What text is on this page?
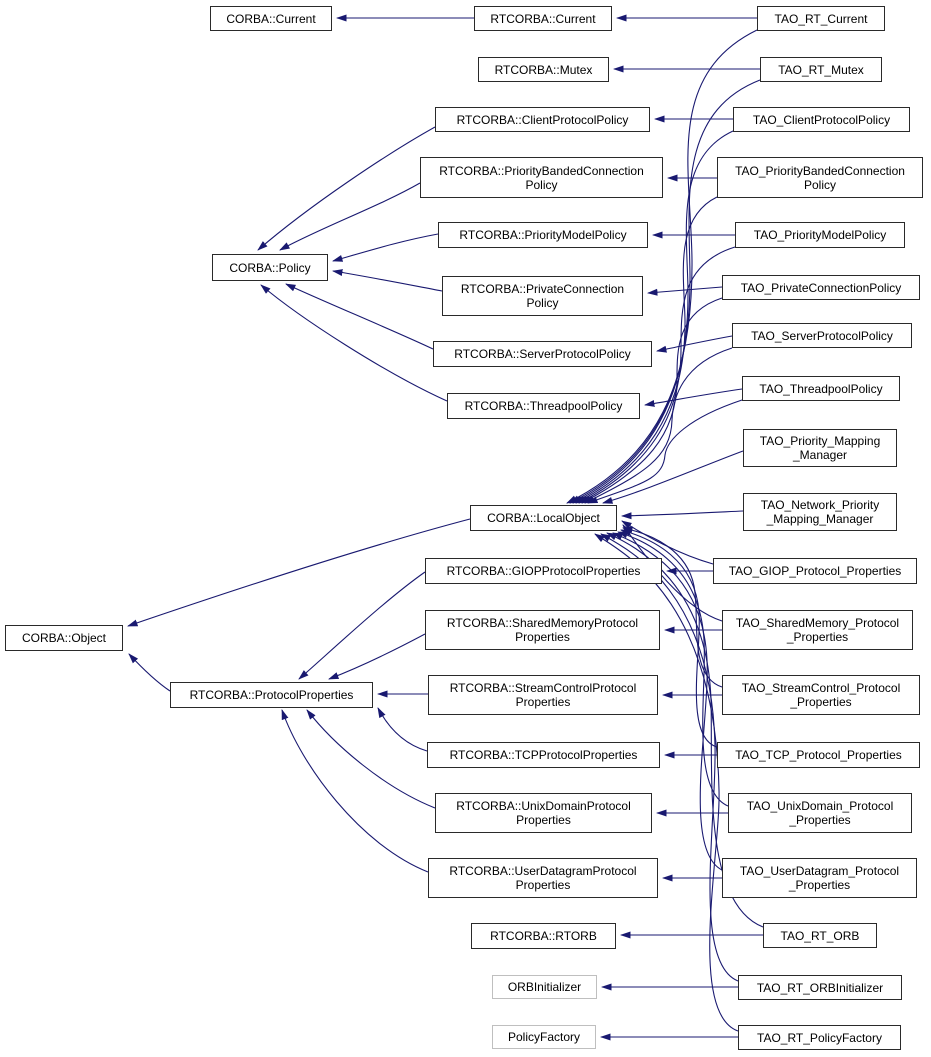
CORBA::Current	RTCORBA::Current	TAO_RT_Current
RTCORBA::Mutex	TAO_RT_Mutex
RTCORBA::ClientProtocolPolicy	TAO_ClientProtocolPolicy
RTCORBA::PriorityBandedConnection
Policy
TAO_PriorityBandedConnection
Policy
RTCORBA::PriorityModelPolicy	TAO_PriorityModelPolicy
CORBA::Policy
RTCORBA::PrivateConnection
Policy
TAO_PrivateConnectionPolicy
RTCORBA::ServerProtocolPolicy
TAO_ServerProtocolPolicy
RTCORBA::ThreadpoolPolicy
TAO_ThreadpoolPolicy
TAO_Priority_Mapping
_Manager
TAO_Network_Priority
_Mapping_Manager
CORBA::LocalObject
RTCORBA::GIOPProtocolProperties	TAO_GIOP_Protocol_Properties
RTCORBA::SharedMemoryProtocol
Properties
TAO_SharedMemory_Protocol
_Properties
CORBA::Object
RTCORBA::ProtocolProperties	RTCORBA::StreamControlProtocol
Properties
TAO_StreamControl_Protocol
_Properties
RTCORBA::TCPProtocolProperties	TAO_TCP_Protocol_Properties
RTCORBA::UnixDomainProtocol
Properties
TAO_UnixDomain_Protocol
_Properties
RTCORBA::UserDatagramProtocol
Properties
TAO_UserDatagram_Protocol
_Properties
RTCORBA::RTORB	TAO_RT_ORB
ORBInitializer	TAO_RT_ORBInitializer
PolicyFactory	TAO_RT_PolicyFactory
